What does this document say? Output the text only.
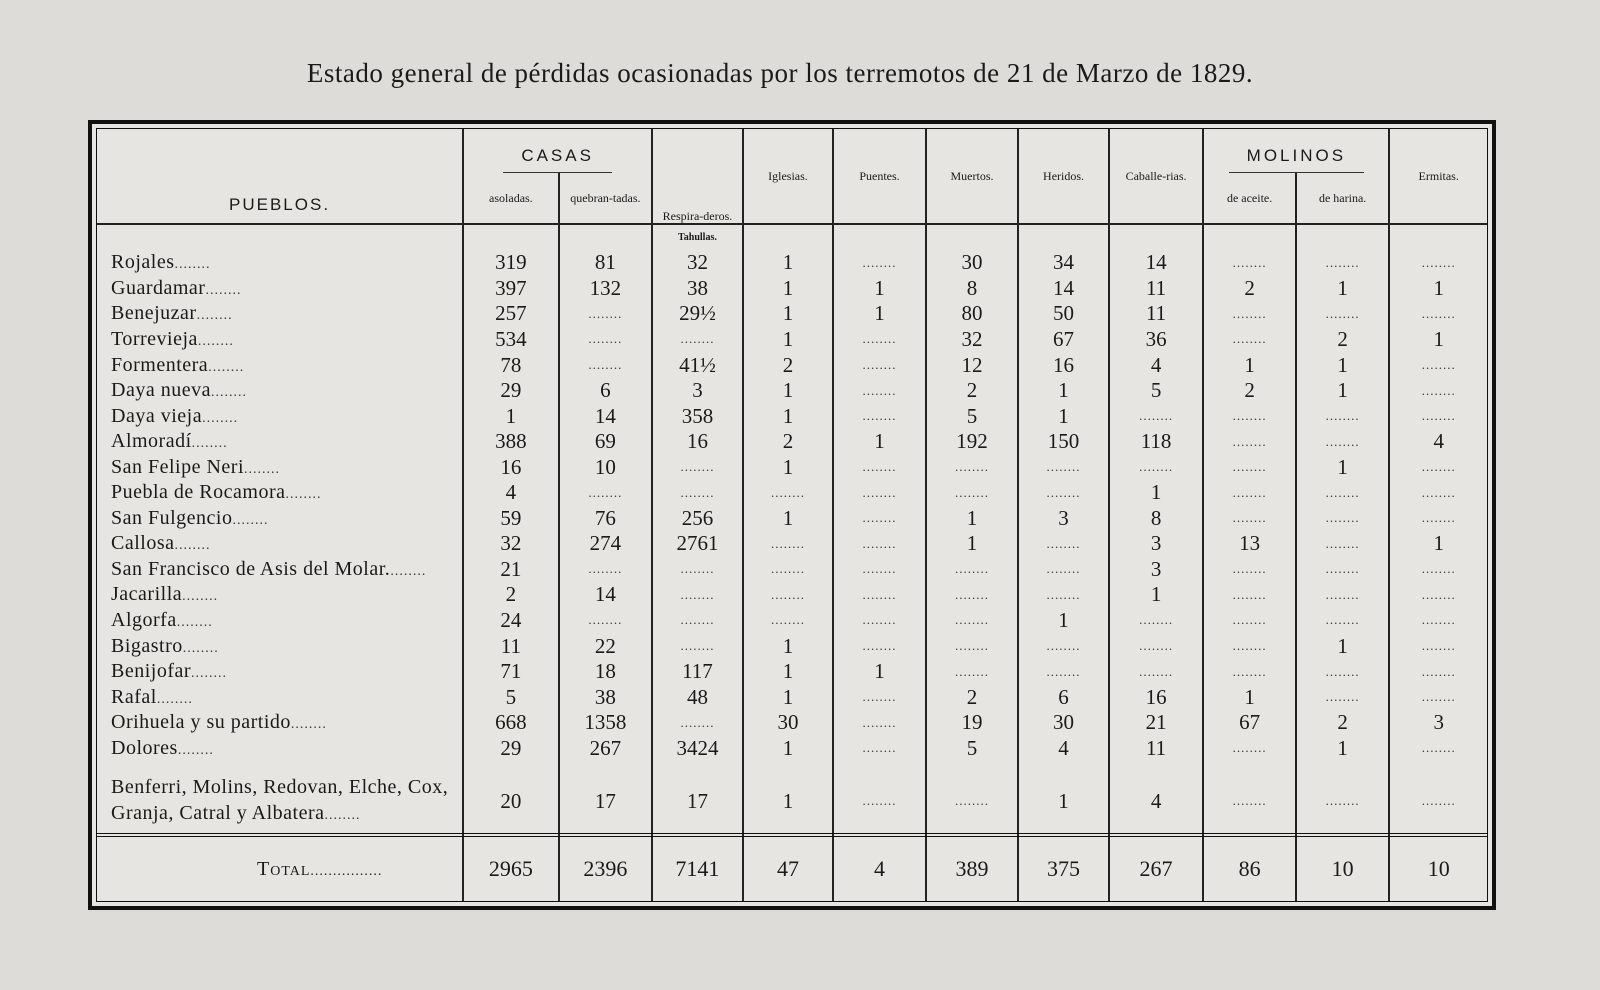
Estado general de pérdidas ocasionadas por los terremotos de 21 de Marzo de 1829.
PUEBLOS.	CASAS		Respira-deros.	Iglesias.	Puentes.	Muertos.	Heridos.	Caballe-rias.	MOLINOS		Ermitas.
	asoladas.	quebran-tadas.							de aceite.	de harina.	

			Tahullas.								

Rojales........	319	81	32	1	........	30	34	14	........	........	........
Guardamar........	397	132	38	1	1	8	14	11	2	1	1
Benejuzar........	257	........	29½	1	1	80	50	11	........	........	........
Torrevieja........	534	........	........	1	........	32	67	36	........	2	1
Formentera........	78	........	41½	2	........	12	16	4	1	1	........
Daya nueva........	29	6	3	1	........	2	1	5	2	1	........
Daya vieja........	1	14	358	1	........	5	1	........	........	........	........
Almoradí........	388	69	16	2	1	192	150	118	........	........	4
San Felipe Neri........	16	10	........	1	........	........	........	........	........	1	........
Puebla de Rocamora........	4	........	........	........	........	........	........	1	........	........	........
San Fulgencio........	59	76	256	1	........	1	3	8	........	........	........
Callosa........	32	274	2761	........	........	1	........	3	13	........	1
San Francisco de Asis del Molar.........	21	........	........	........	........	........	........	3	........	........	........
Jacarilla........	2	14	........	........	........	........	........	1	........	........	........
Algorfa........	24	........	........	........	........	........	1	........	........	........	........
Bigastro........	11	22	........	1	........	........	........	........	........	1	........
Benijofar........	71	18	117	1	1	........	........	........	........	........	........
Rafal........	5	38	48	1	........	2	6	16	1	........	........
Orihuela y su partido........	668	1358	........	30	........	19	30	21	67	2	3
Dolores........	29	267	3424	1	........	5	4	11	........	1	........
Benferri, Molins, Redovan, Elche, Cox, Granja, Catral y Albatera........	20	17	17	1	........	........	1	4	........	........	........
Total................	2965	2396	7141	47	4	389	375	267	86	10	10
